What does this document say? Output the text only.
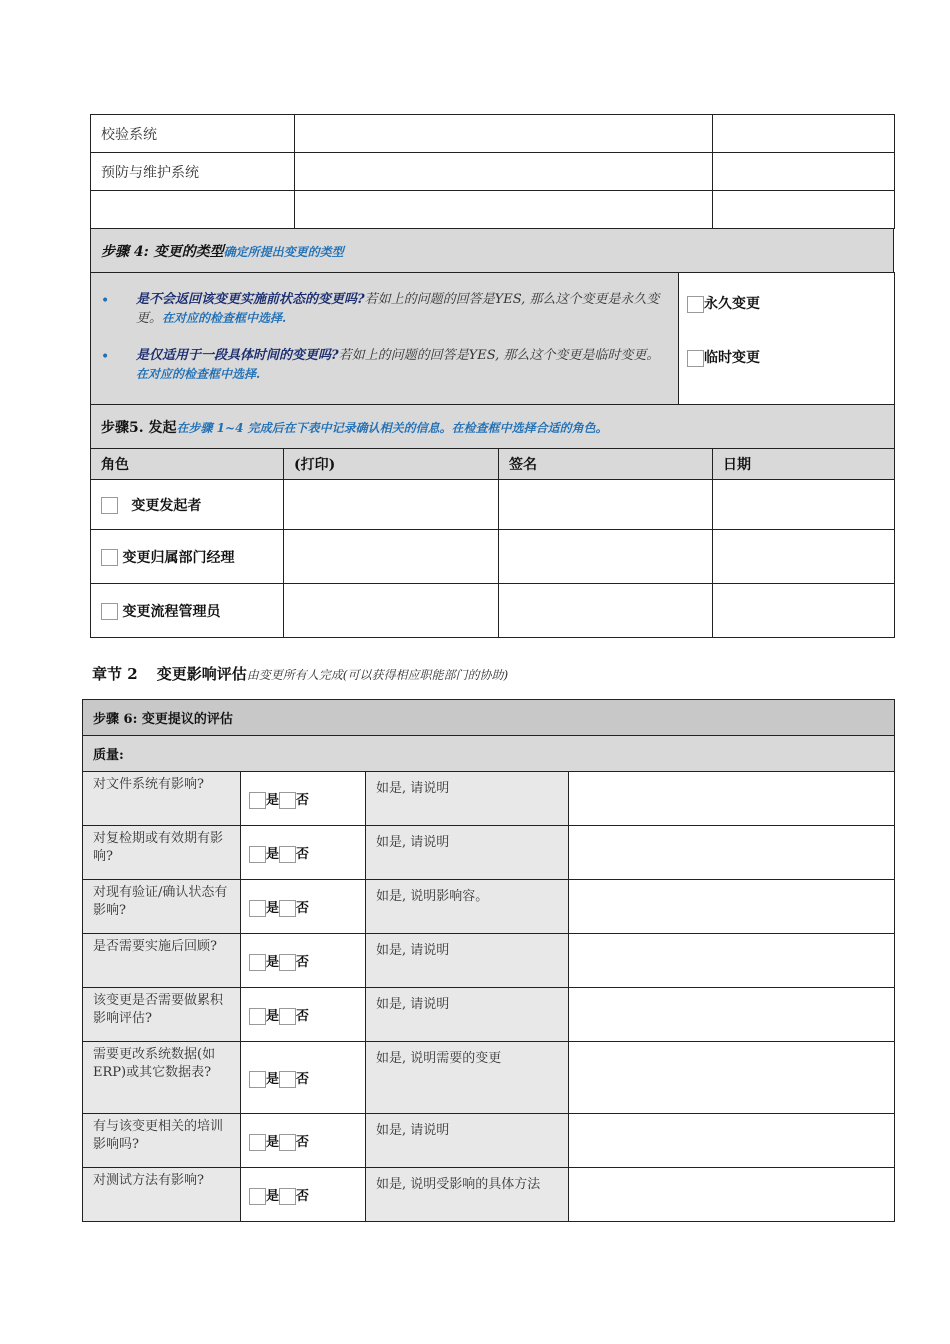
校验系统		
预防与维护系统		

步骤 4: 变更的类型确定所提出变更的类型
• 是不会返回该变更实施前状态的变更吗?若如上的问题的回答是YES, 那么这个变更是永久变更。在对应的检查框中选择.
• 是仅适用于一段具体时间的变更吗?若如上的问题的回答是YES, 那么这个变更是临时变更。在对应的检查框中选择.

永久变更
临时变更
步骤5. 发起在步骤 1~4 完成后在下表中记录确认相关的信息。在检查框中选择合适的角色。			
角色	(打印)	签名	日期
变更发起者			
变更归属部门经理			
变更流程管理员			
章节 2 变更影响评估由变更所有人完成(可以获得相应职能部门的协助)
步骤 6: 变更提议的评估			
质量:			
对文件系统有影响?	是 否	如是, 请说明	
对复检期或有效期有影响?	是 否	如是, 请说明	
对现有验证/确认状态有影响?	是 否	如是, 说明影响容。	
是否需要实施后回顾?	是 否	如是, 请说明	
该变更是否需要做累积影响评估?	是 否	如是, 请说明	
需要更改系统数据(如ERP)或其它数据表?	是 否	如是, 说明需要的变更	
有与该变更相关的培训影响吗?	是 否	如是, 请说明	
对测试方法有影响?	是 否	如是, 说明受影响的具体方法	
